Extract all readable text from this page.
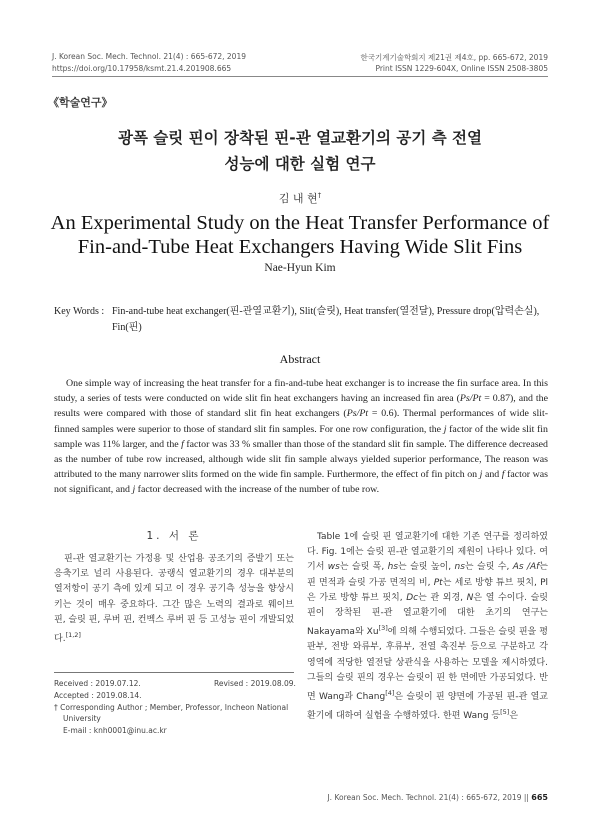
J. Korean Soc. Mech. Technol. 21(4) : 665-672, 2019
https://doi.org/10.17958/ksmt.21.4.201908.665
한국기계기술학회지 제21권 제4호, pp. 665-672, 2019
Print ISSN 1229-604X, Online ISSN 2508-3805
《학술연구》
광폭 슬릿 핀이 장착된 핀-관 열교환기의 공기 측 전열
성능에 대한 실험 연구
김 내 현†
An Experimental Study on the Heat Transfer Performance of
Fin-and-Tube Heat Exchangers Having Wide Slit Fins
Nae-Hyun Kim
Key Words : Fin-and-tube heat exchanger(핀-관열교환기), Slit(슬릿), Heat transfer(열전달), Pressure drop(압력손실), Fin(핀)
Abstract

One simple way of increasing the heat transfer for a fin-and-tube heat exchanger is to increase the fin surface area. In this study, a series of tests were conducted on wide slit fin heat exchangers having an increased fin area (Ps/Pt = 0.87), and the results were compared with those of standard slit fin heat exchangers (Ps/Pt = 0.6). Thermal performances of wide slit-finned samples were superior to those of standard slit fin samples. For one row configuration, the j factor of the wide slit fin sample was 11% larger, and the f factor was 33 % smaller than those of the standard slit fin sample. The difference decreased as the number of tube row increased, although wide slit fin sample always yielded superior performance, The reason was attributed to the many narrower slits formed on the wide fin sample. Furthermore, the effect of fin pitch on j and f factor was not significant, and j factor decreased with the increase of the number of tube row.

1. 서 론

핀-관 열교환기는 가정용 및 산업용 공조기의 증발기 또는 응축기로 널리 사용된다. 공랭식 열교환기의 경우 대부분의 열저항이 공기 측에 있게 되고 이 경우 공기측 성능을 향상시키는 것이 매우 중요하다. 그간 많은 노력의 결과로 웨이브 핀, 슬릿 핀, 루버 핀, 컨벡스 루버 핀 등 고성능 핀이 개발되었다.[1,2]

Received : 2019.07.12.	Revised : 2019.08.09.
Accepted : 2019.08.14.
† Corresponding Author ; Member, Professor, Incheon National
University
E-mail : knh0001@inu.ac.kr

Table 1에 슬릿 핀 열교환기에 대한 기존 연구를 정리하였다. Fig. 1에는 슬릿 핀-관 열교환기의 제원이 나타나 있다. 여기서 ws는 슬릿 폭, hs는 슬릿 높이, ns는 슬릿 수, As /Af는 핀 면적과 슬릿 가공 면적의 비, Pt는 세로 방향 튜브 핏치, Pl은 가로 방향 튜브 핏치, Dc는 관 외경, N은 열 수이다. 슬릿 핀이 장착된 핀-관 열교환기에 대한 초기의 연구는 Nakayama와 Xu[3]에 의해 수행되었다. 그들은 슬릿 핀을 평판부, 전방 와류부, 후류부, 전열 촉진부 등으로 구분하고 각 영역에 적당한 열전달 상관식을 사용하는 모델을 제시하였다. 그들의 슬릿 핀의 경우는 슬릿이 핀 한 면에만 가공되었다. 반면 Wang과 Chang[4]은 슬릿이 핀 양면에 가공된 핀-관 열교환기에 대하여 실험을 수행하였다. 한편 Wang 등[5]은

J. Korean Soc. Mech. Technol. 21(4) : 665-672, 2019 || 665
